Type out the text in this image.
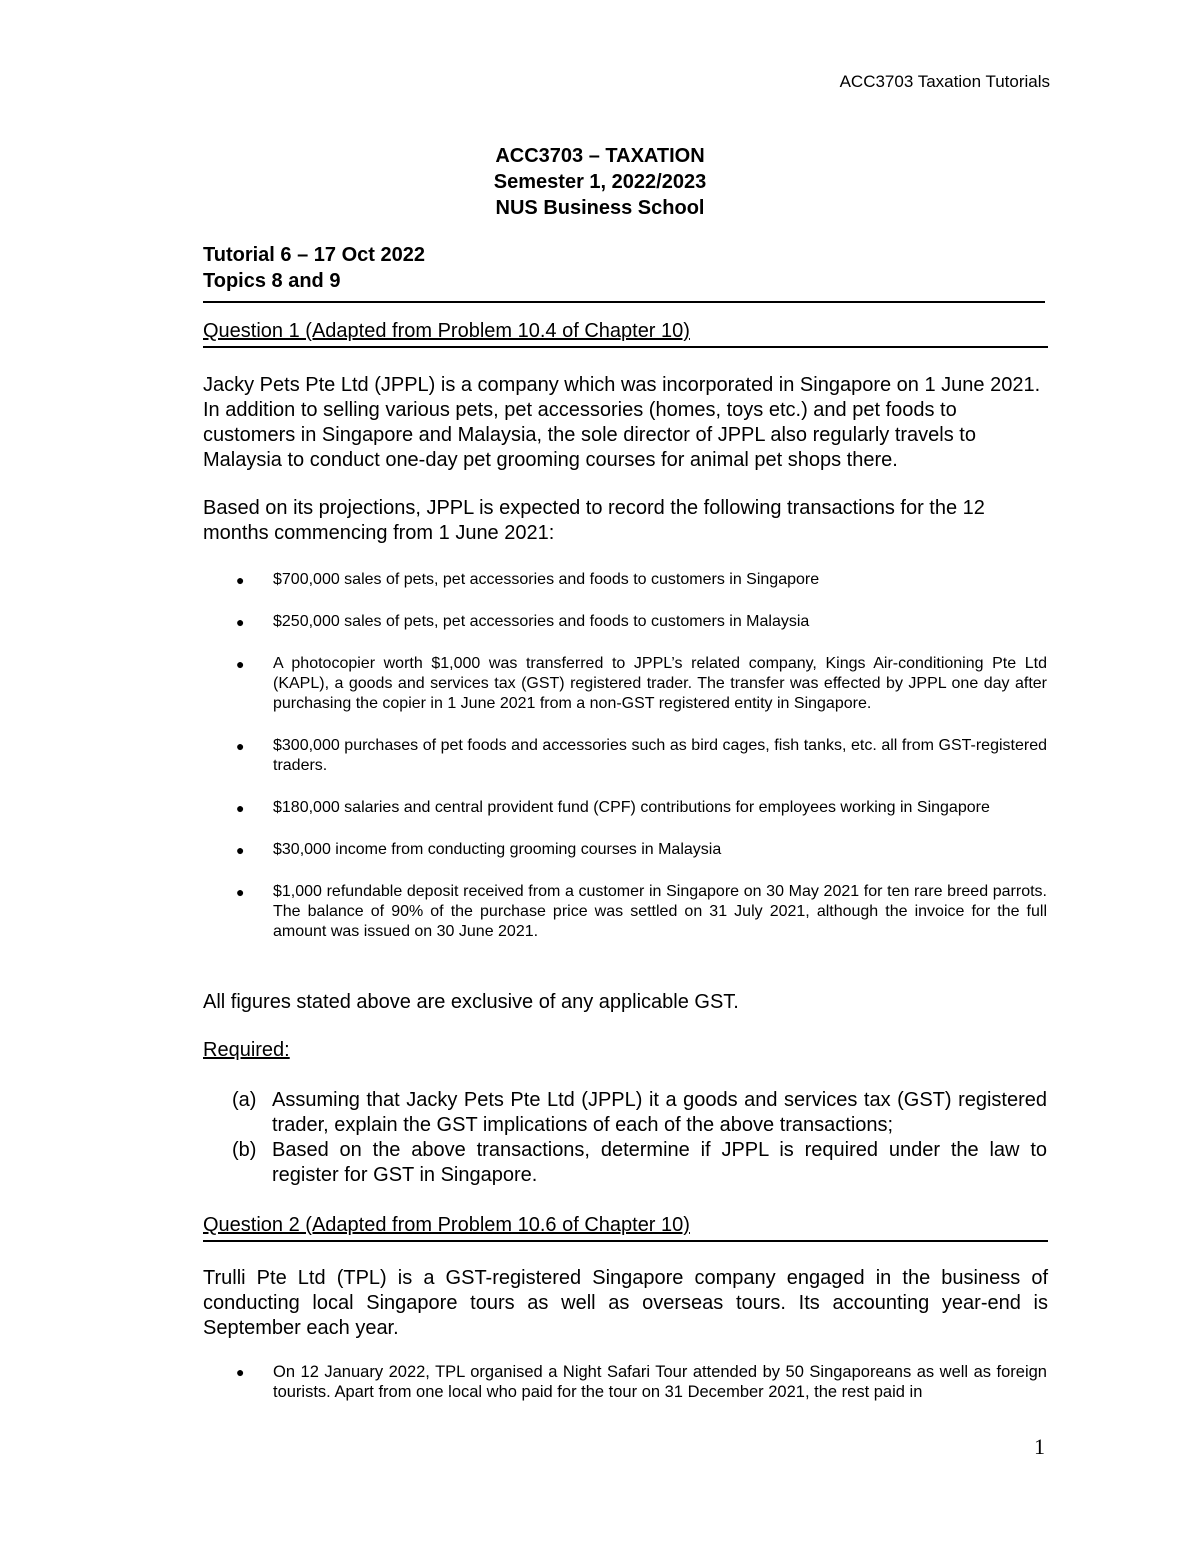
ACC3703 Taxation Tutorials
ACC3703 – TAXATION
Semester 1, 2022/2023
NUS Business School
Tutorial 6 – 17 Oct 2022
Topics 8 and 9
Question 1 (Adapted from Problem 10.4 of Chapter 10)
Jacky Pets Pte Ltd (JPPL) is a company which was incorporated in Singapore on 1 June 2021. In addition to selling various pets, pet accessories (homes, toys etc.) and pet foods to customers in Singapore and Malaysia, the sole director of JPPL also regularly travels to Malaysia to conduct one-day pet grooming courses for animal pet shops there.
Based on its projections, JPPL is expected to record the following transactions for the 12 months commencing from 1 June 2021:
● $700,000 sales of pets, pet accessories and foods to customers in Singapore
● $250,000 sales of pets, pet accessories and foods to customers in Malaysia
● A photocopier worth $1,000 was transferred to JPPL’s related company, Kings Air-conditioning Pte Ltd (KAPL), a goods and services tax (GST) registered trader. The transfer was effected by JPPL one day after purchasing the copier in 1 June 2021 from a non-GST registered entity in Singapore.
● $300,000 purchases of pet foods and accessories such as bird cages, fish tanks, etc. all from GST-registered traders.
● $180,000 salaries and central provident fund (CPF) contributions for employees working in Singapore
● $30,000 income from conducting grooming courses in Malaysia
● $1,000 refundable deposit received from a customer in Singapore on 30 May 2021 for ten rare breed parrots. The balance of 90% of the purchase price was settled on 31 July 2021, although the invoice for the full amount was issued on 30 June 2021.
All figures stated above are exclusive of any applicable GST.
Required:
(a) Assuming that Jacky Pets Pte Ltd (JPPL) it a goods and services tax (GST) registered trader, explain the GST implications of each of the above transactions;
(b) Based on the above transactions, determine if JPPL is required under the law to register for GST in Singapore.
Question 2 (Adapted from Problem 10.6 of Chapter 10)
Trulli Pte Ltd (TPL) is a GST-registered Singapore company engaged in the business of conducting local Singapore tours as well as overseas tours. Its accounting year-end is September each year.
● On 12 January 2022, TPL organised a Night Safari Tour attended by 50 Singaporeans as well as foreign tourists. Apart from one local who paid for the tour on 31 December 2021, the rest paid in
1
